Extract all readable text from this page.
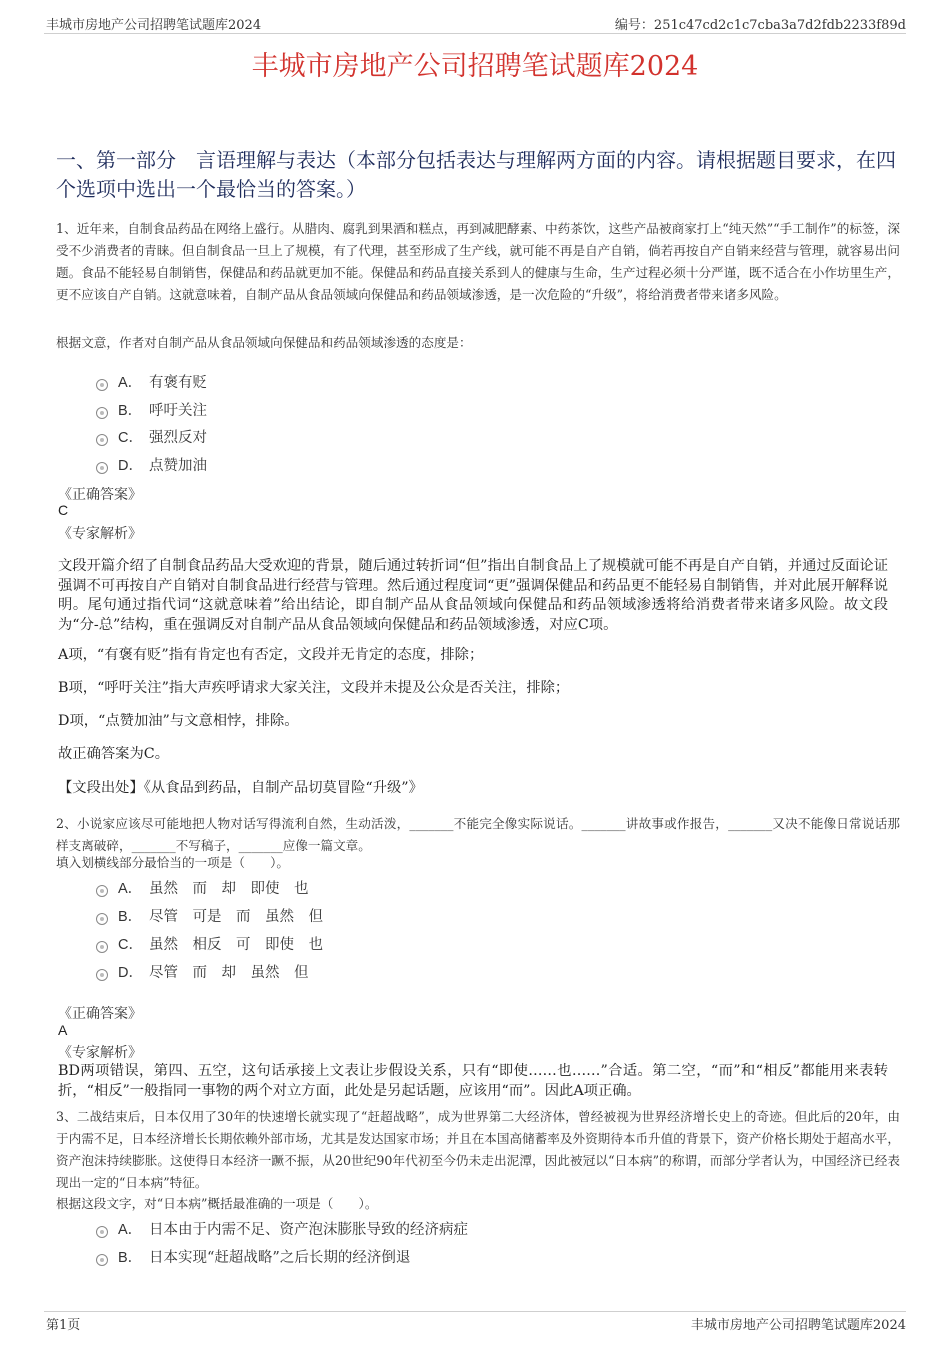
丰城市房地产公司招聘笔试题库2024	编号：251c47cd2c1c7cba3a7d2fdb2233f89d
丰城市房地产公司招聘笔试题库2024
一、第一部分　言语理解与表达（本部分包括表达与理解两方面的内容。请根据题目要求，在四个选项中选出一个最恰当的答案。）
1、近年来，自制食品药品在网络上盛行。从腊肉、腐乳到果酒和糕点，再到减肥酵素、中药茶饮，这些产品被商家打上“纯天然”“手工制作”的标签，深受不少消费者的青睐。但自制食品一旦上了规模，有了代理，甚至形成了生产线，就可能不再是自产自销，倘若再按自产自销来经营与管理，就容易出问题。食品不能轻易自制销售，保健品和药品就更加不能。保健品和药品直接关系到人的健康与生命，生产过程必须十分严谨，既不适合在小作坊里生产，更不应该自产自销。这就意味着，自制产品从食品领域向保健品和药品领域渗透，是一次危险的“升级”，将给消费者带来诸多风险。
根据文意，作者对自制产品从食品领域向保健品和药品领域渗透的态度是：
A． 有褒有贬
B． 呼吁关注
C． 强烈反对
D． 点赞加油
《正确答案》
C
《专家解析》
文段开篇介绍了自制食品药品大受欢迎的背景，随后通过转折词“但”指出自制食品上了规模就可能不再是自产自销，并通过反面论证强调不可再按自产自销对自制食品进行经营与管理。然后通过程度词“更”强调保健品和药品更不能轻易自制销售，并对此展开解释说明。尾句通过指代词“这就意味着”给出结论，即自制产品从食品领域向保健品和药品领域渗透将给消费者带来诸多风险。故文段为“分-总”结构，重在强调反对自制产品从食品领域向保健品和药品领域渗透，对应C项。
A项，“有褒有贬”指有肯定也有否定，文段并无肯定的态度，排除；
B项，“呼吁关注”指大声疾呼请求大家关注，文段并未提及公众是否关注，排除；
D项，“点赞加油”与文意相悖，排除。
故正确答案为C。
【文段出处】《从食品到药品，自制产品切莫冒险“升级”》
2、小说家应该尽可能地把人物对话写得流利自然，生动活泼，_______不能完全像实际说话。_______讲故事或作报告，_______又决不能像日常说话那样支离破碎，_______不写稿子，_______应像一篇文章。
填入划横线部分最恰当的一项是（　　）。
A． 虽然　而　却　即使　也
B． 尽管　可是　而　虽然　但
C． 虽然　相反　可　即使　也
D． 尽管　而　却　虽然　但
《正确答案》
A
《专家解析》
BD两项错误，第四、五空，这句话承接上文表让步假设关系，只有“即使……也……”合适。第二空，“而”和“相反”都能用来表转折，“相反”一般指同一事物的两个对立方面，此处是另起话题，应该用“而”。因此A项正确。
3、二战结束后，日本仅用了30年的快速增长就实现了“赶超战略”，成为世界第二大经济体，曾经被视为世界经济增长史上的奇迹。但此后的20年，由于内需不足，日本经济增长长期依赖外部市场，尤其是发达国家市场；并且在本国高储蓄率及外资期待本币升值的背景下，资产价格长期处于超高水平，资产泡沫持续膨胀。这使得日本经济一蹶不振，从20世纪90年代初至今仍未走出泥潭，因此被冠以“日本病”的称谓，而部分学者认为，中国经济已经表现出一定的“日本病”特征。
根据这段文字，对“日本病”概括最准确的一项是（　　）。
A． 日本由于内需不足、资产泡沫膨胀导致的经济病症
B． 日本实现“赶超战略”之后长期的经济倒退
第1页	丰城市房地产公司招聘笔试题库2024
